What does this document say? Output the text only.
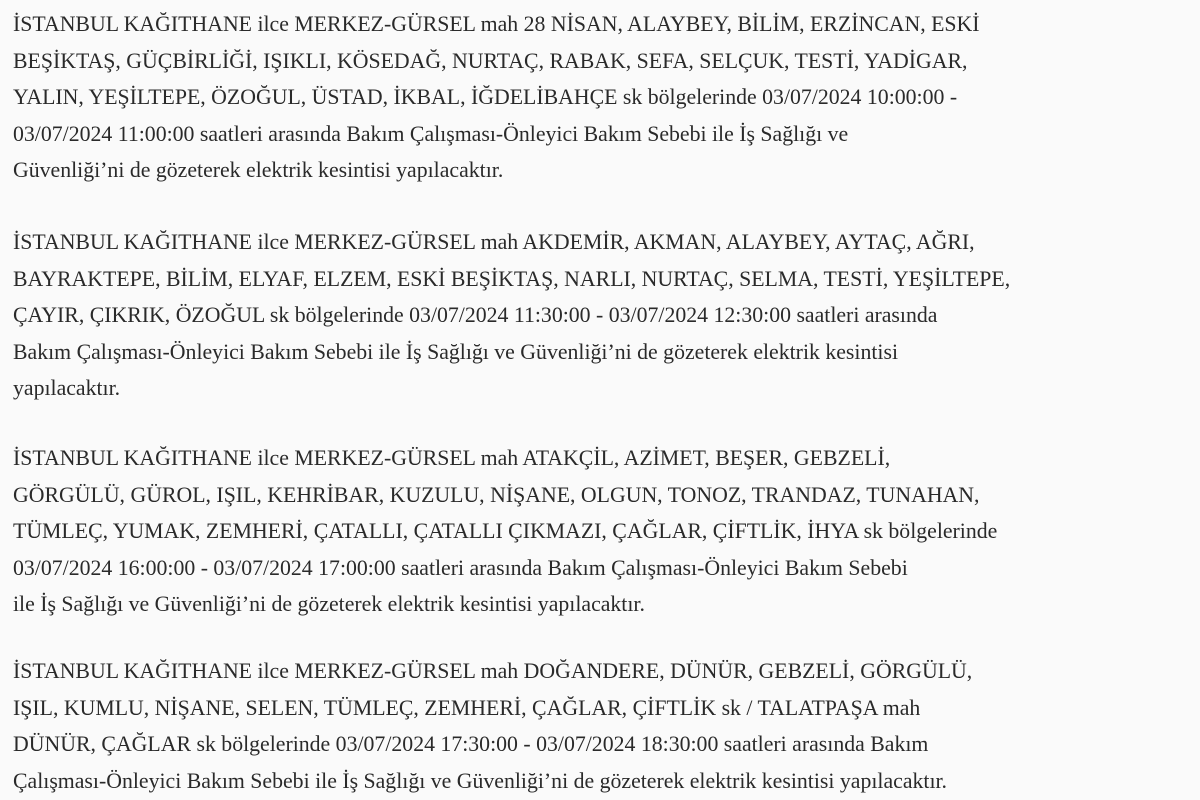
İSTANBUL KAĞITHANE ilce MERKEZ-GÜRSEL mah 28 NİSAN, ALAYBEY, BİLİM, ERZİNCAN, ESKİ
BEŞİKTAŞ, GÜÇBİRLİĞİ, IŞIKLI, KÖSEDAĞ, NURTAÇ, RABAK, SEFA, SELÇUK, TESTİ, YADİGAR,
YALIN, YEŞİLTEPE, ÖZOĞUL, ÜSTAD, İKBAL, İĞDELİBAHÇE sk bölgelerinde 03/07/2024 10:00:00 -
03/07/2024 11:00:00 saatleri arasında Bakım Çalışması-Önleyici Bakım Sebebi ile İş Sağlığı ve
Güvenliği’ni de gözeterek elektrik kesintisi yapılacaktır.

İSTANBUL KAĞITHANE ilce MERKEZ-GÜRSEL mah AKDEMİR, AKMAN, ALAYBEY, AYTAÇ, AĞRI,
BAYRAKTEPE, BİLİM, ELYAF, ELZEM, ESKİ BEŞİKTAŞ, NARLI, NURTAÇ, SELMA, TESTİ, YEŞİLTEPE,
ÇAYIR, ÇIKRIK, ÖZOĞUL sk bölgelerinde 03/07/2024 11:30:00 - 03/07/2024 12:30:00 saatleri arasında
Bakım Çalışması-Önleyici Bakım Sebebi ile İş Sağlığı ve Güvenliği’ni de gözeterek elektrik kesintisi
yapılacaktır.

İSTANBUL KAĞITHANE ilce MERKEZ-GÜRSEL mah ATAKÇİL, AZİMET, BEŞER, GEBZELİ,
GÖRGÜLÜ, GÜROL, IŞIL, KEHRİBAR, KUZULU, NİŞANE, OLGUN, TONOZ, TRANDAZ, TUNAHAN,
TÜMLEÇ, YUMAK, ZEMHERİ, ÇATALLI, ÇATALLI ÇIKMAZI, ÇAĞLAR, ÇİFTLİK, İHYA sk bölgelerinde
03/07/2024 16:00:00 - 03/07/2024 17:00:00 saatleri arasında Bakım Çalışması-Önleyici Bakım Sebebi
ile İş Sağlığı ve Güvenliği’ni de gözeterek elektrik kesintisi yapılacaktır.

İSTANBUL KAĞITHANE ilce MERKEZ-GÜRSEL mah DOĞANDERE, DÜNÜR, GEBZELİ, GÖRGÜLÜ,
IŞIL, KUMLU, NİŞANE, SELEN, TÜMLEÇ, ZEMHERİ, ÇAĞLAR, ÇİFTLİK sk / TALATPAŞA mah
DÜNÜR, ÇAĞLAR sk bölgelerinde 03/07/2024 17:30:00 - 03/07/2024 18:30:00 saatleri arasında Bakım
Çalışması-Önleyici Bakım Sebebi ile İş Sağlığı ve Güvenliği’ni de gözeterek elektrik kesintisi yapılacaktır.
